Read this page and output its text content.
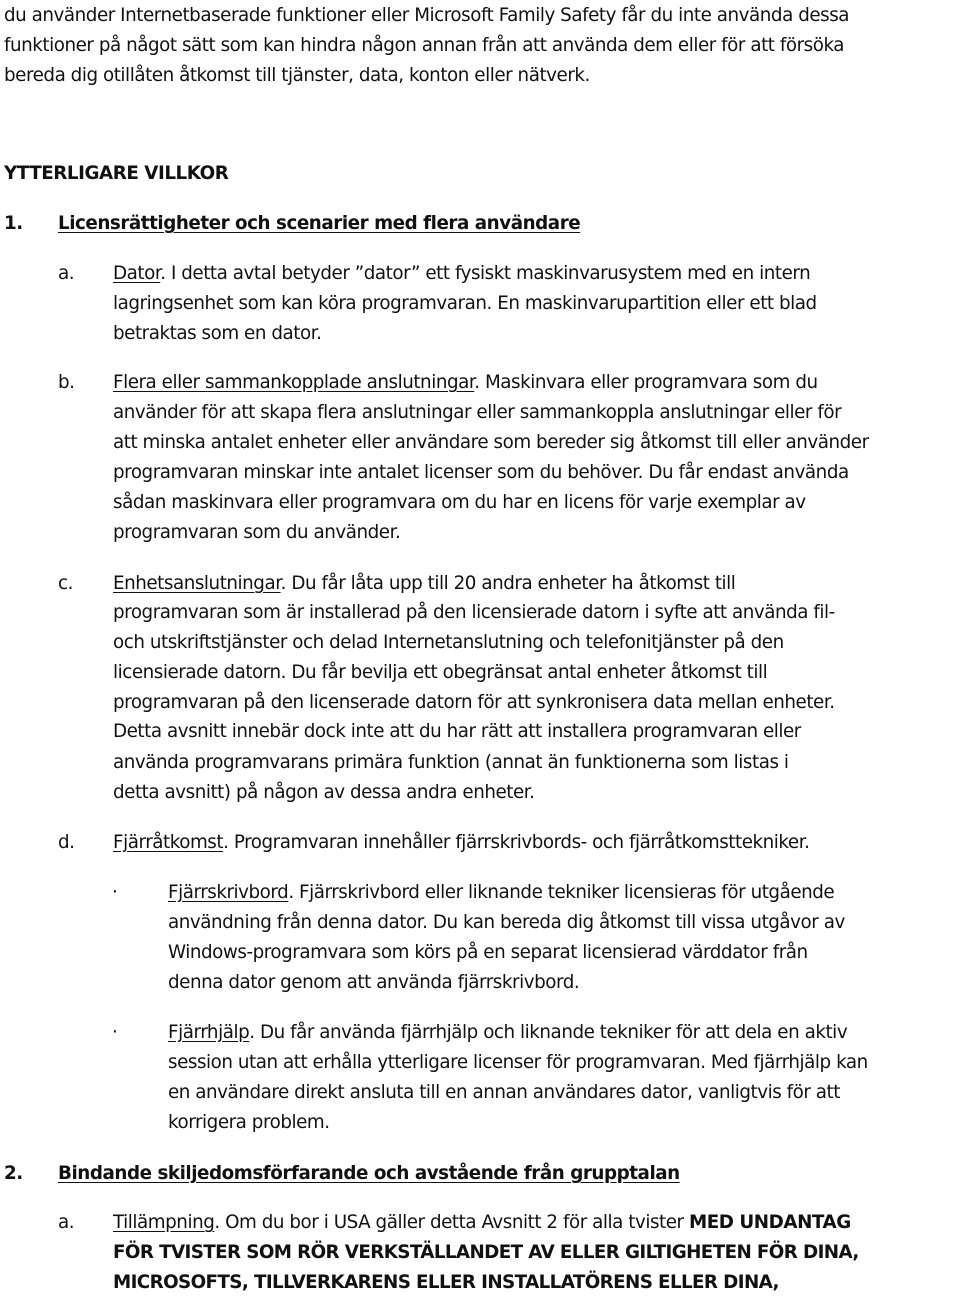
du använder Internetbaserade funktioner eller Microsoft Family Safety får du inte använda dessa

funktioner på något sätt som kan hindra någon annan från att använda dem eller för att försöka

bereda dig otillåten åtkomst till tjänster, data, konton eller nätverk.

YTTERLIGARE VILLKOR

1. Licensrättigheter och scenarier med flera användare

a. Dator. I detta avtal betyder ”dator” ett fysiskt maskinvarusystem med en intern

lagringsenhet som kan köra programvaran. En maskinvarupartition eller ett blad

betraktas som en dator.

b. Flera eller sammankopplade anslutningar. Maskinvara eller programvara som du

använder för att skapa flera anslutningar eller sammankoppla anslutningar eller för

att minska antalet enheter eller användare som bereder sig åtkomst till eller använder

programvaran minskar inte antalet licenser som du behöver. Du får endast använda

sådan maskinvara eller programvara om du har en licens för varje exemplar av

programvaran som du använder.

c. Enhetsanslutningar. Du får låta upp till 20 andra enheter ha åtkomst till

programvaran som är installerad på den licensierade datorn i syfte att använda fil-

och utskriftstjänster och delad Internetanslutning och telefonitjänster på den

licensierade datorn. Du får bevilja ett obegränsat antal enheter åtkomst till

programvaran på den licenserade datorn för att synkronisera data mellan enheter.

Detta avsnitt innebär dock inte att du har rätt att installera programvaran eller

använda programvarans primära funktion (annat än funktionerna som listas i

detta avsnitt) på någon av dessa andra enheter.

d. Fjärråtkomst. Programvaran innehåller fjärrskrivbords- och fjärråtkomsttekniker.

·	Fjärrskrivbord. Fjärrskrivbord eller liknande tekniker licensieras för utgående

användning från denna dator. Du kan bereda dig åtkomst till vissa utgåvor av

Windows-programvara som körs på en separat licensierad värddator från

denna dator genom att använda fjärrskrivbord.

·	Fjärrhjälp. Du får använda fjärrhjälp och liknande tekniker för att dela en aktiv

session utan att erhålla ytterligare licenser för programvaran. Med fjärrhjälp kan

en användare direkt ansluta till en annan användares dator, vanligtvis för att

korrigera problem.

2. Bindande skiljedomsförfarande och avstående från grupptalan

a. Tillämpning. Om du bor i USA gäller detta Avsnitt 2 för alla tvister MED UNDANTAG

FÖR TVISTER SOM RÖR VERKSTÄLLANDET AV ELLER GILTIGHETEN FÖR DINA,

MICROSOFTS, TILLVERKARENS ELLER INSTALLATÖRENS ELLER DINA,
